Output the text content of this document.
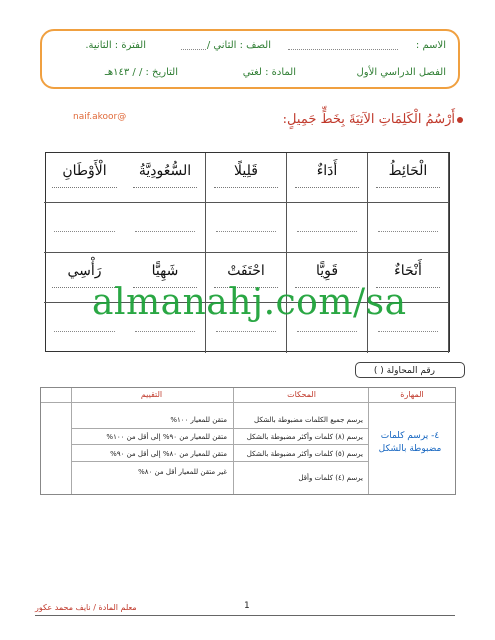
الاسم :
الصف : الثاني /
الفترة : الثانية.
الفصل الدراسي الأول
المادة : لغتي
التاريخ : / / ١٤٣هـ
أَرْسُمُ الْكَلِمَاتِ الآتِيَةَ بِخَطٍّ جَمِيلٍ:
naif.akoor@
الْحَائِطُ
أَدَاءٌ
قَلِيلًا
السُّعُودِيَّةُ
الْأَوْطَانِ
أَنْحَاءٌ
قَوِيًّا
احْتَفَتْ
شَهِيًّا
رَأْسِي
almanahj.com/sa
رقم المحاولة ( )
المهارة
المحكات
التقييم
٤- يرسم كلمات مضبوطة بالشكل
يرسم جميع الكلمات مضبوطة بالشكل
متقن للمعيار ١٠٠%
يرسم (٨) كلمات وأكثر مضبوطة بالشكل
متقن للمعيار من ٩٠% إلى أقل من ١٠٠%
يرسم (٥) كلمات وأكثر مضبوطة بالشكل
متقن للمعيار من ٨٠% إلى أقل من ٩٠%
يرسم (٤) كلمات وأقل
غير متقن للمعيار أقل من ٨٠%
معلم المادة / نايف محمد عكور	1
